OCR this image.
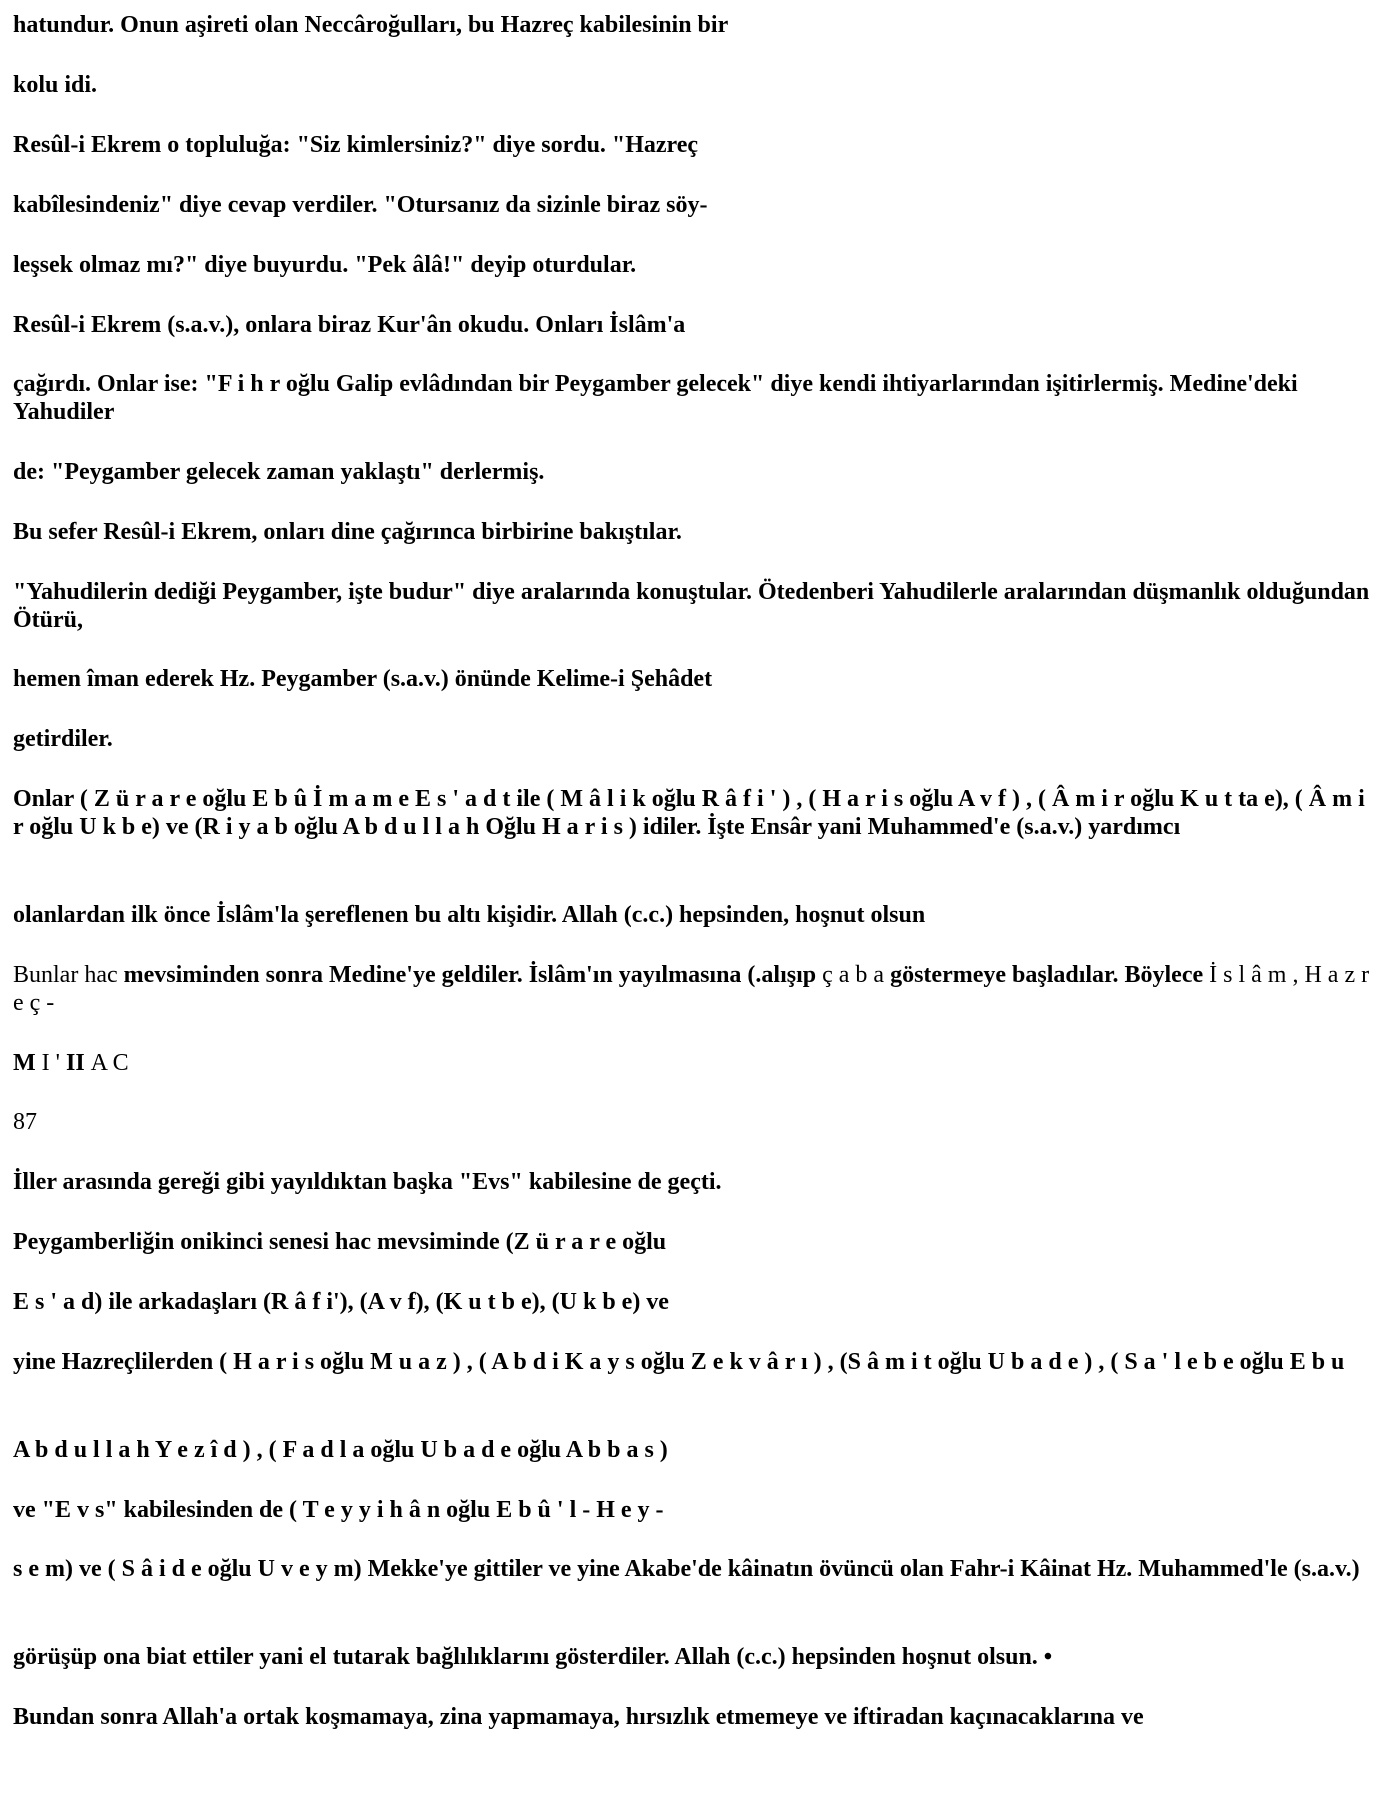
hatundur. Onun aşireti olan Neccâroğulları, bu Hazreç kabilesinin bir

kolu idi.

Resûl-i Ekrem o topluluğa: "Siz kimlersiniz?" diye sordu. "Hazreç

kabîlesindeniz" diye cevap verdiler. "Otursanız da sizinle biraz söy-

leşsek olmaz mı?" diye buyurdu. "Pek âlâ!" deyip oturdular.

Resûl-i Ekrem (s.a.v.), onlara biraz Kur'ân okudu. Onları İslâm'a

çağırdı. Onlar ise: "F i h r oğlu Galip evlâdından bir Peygamber gelecek" diye kendi ihtiyarlarından işitirlermiş. Medine'deki Yahudiler

de: "Peygamber gelecek zaman yaklaştı" derlermiş.

Bu sefer Resûl-i Ekrem, onları dine çağırınca birbirine bakıştılar.

"Yahudilerin dediği Peygamber, işte budur" diye aralarında konuştular. Ötedenberi Yahudilerle aralarından düşmanlık olduğundan Ötürü,

hemen îman ederek Hz. Peygamber (s.a.v.) önünde Kelime-i Şehâdet

getirdiler.

Onlar ( Z ü r a r e oğlu E b û İ m a m e E s ' a d t ile ( M â l i k oğlu R â f i ' ) , ( H a r i s oğlu A v f ) , ( Â m i r oğlu K u t ta e), ( Â m i r oğlu U k b e) ve (R i y a b oğlu A b d u l l a h Oğlu H a r i s ) idiler. İşte Ensâr yani Muhammed'e (s.a.v.) yardımcı

olanlardan ilk önce İslâm'la şereflenen bu altı kişidir. Allah (c.c.) hepsinden, hoşnut olsun

Bunlar hac mevsiminden sonra Medine'ye geldiler. İslâm'ın yayılmasına (.alışıp ç a b a göstermeye başladılar. Böylece İ s l â m , H a z r e ç -

M I ' II A C

87

İller arasında gereği gibi yayıldıktan başka "Evs" kabilesine de geçti.

Peygamberliğin onikinci senesi hac mevsiminde (Z ü r a r e oğlu

E s ' a d) ile arkadaşları (R â f i'), (A v f), (K u t b e), (U k b e) ve

yine Hazreçlilerden ( H a r i s oğlu M u a z ) , ( A b d i K a y s oğlu Z e k v â r ı ) , (S â m i t oğlu U b a d e ) , ( S a ' l e b e oğlu E b u

A b d u l l a h Y e z î d ) , ( F a d l a oğlu U b a d e oğlu A b b a s )

ve "E v s" kabilesinden de ( T e y y i h â n oğlu E b û ' l - H e y -

s e m) ve ( S â i d e oğlu U v e y m) Mekke'ye gittiler ve yine Akabe'de kâinatın övüncü olan Fahr-i Kâinat Hz. Muhammed'le (s.a.v.)

görüşüp ona biat ettiler yani el tutarak bağlılıklarını gösterdiler. Allah (c.c.) hepsinden hoşnut olsun. •

Bundan sonra Allah'a ortak koşmamaya, zina yapmamaya, hırsızlık etmemeye ve iftiradan kaçınacaklarına ve
